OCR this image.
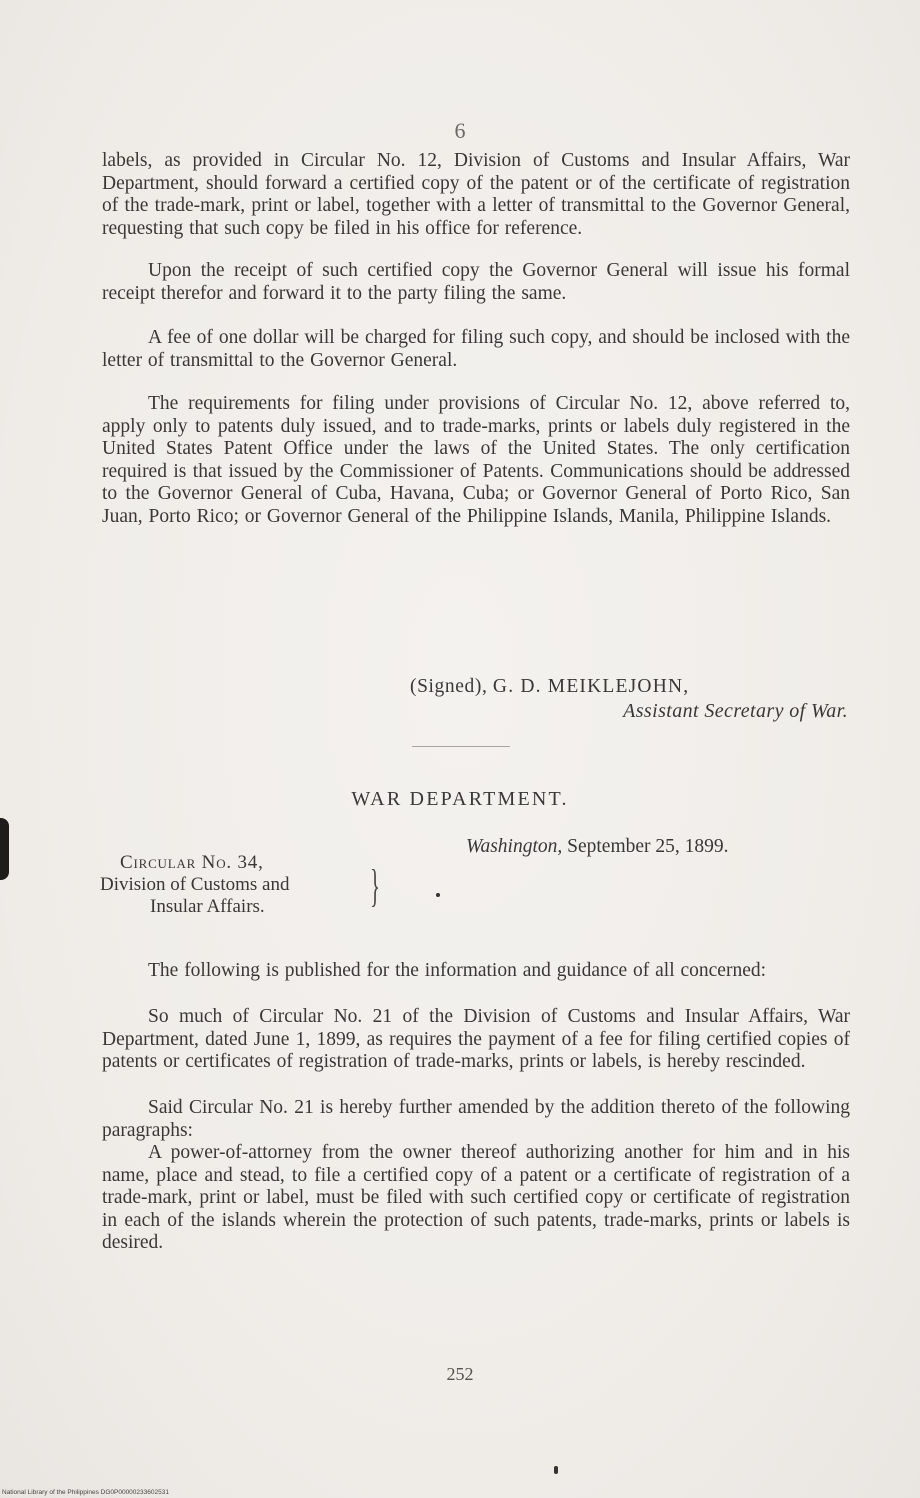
6

labels, as provided in Circular No. 12, Division of Customs and Insular Affairs, War Department, should forward a certified copy of the patent or of the certificate of registration of the trade-mark, print or label, together with a letter of transmittal to the Governor General, requesting that such copy be filed in his office for reference.

Upon the receipt of such certified copy the Governor General will issue his formal receipt therefor and forward it to the party filing the same.

A fee of one dollar will be charged for filing such copy, and should be inclosed with the letter of transmittal to the Governor General.

The requirements for filing under provisions of Circular No. 12, above referred to, apply only to patents duly issued, and to trade-marks, prints or labels duly registered in the United States Patent Office under the laws of the United States. The only certification required is that issued by the Commissioner of Patents. Communications should be addressed to the Governor General of Cuba, Havana, Cuba; or Governor General of Porto Rico, San Juan, Porto Rico; or Governor General of the Philippine Islands, Manila, Philippine Islands.

(Signed), G. D. MEIKLEJOHN,
Assistant Secretary of War.
WAR DEPARTMENT.
Washington, September 25, 1899.
Circular No. 34,
Division of Customs and
Insular Affairs.	}

The following is published for the information and guidance of all concerned:

So much of Circular No. 21 of the Division of Customs and Insular Affairs, War Department, dated June 1, 1899, as requires the payment of a fee for filing certified copies of patents or certificates of registration of trade-marks, prints or labels, is hereby rescinded.

Said Circular No. 21 is hereby further amended by the addition thereto of the following paragraphs:

A power-of-attorney from the owner thereof authorizing another for him and in his name, place and stead, to file a certified copy of a patent or a certificate of registration of a trade-mark, print or label, must be filed with such certified copy or certificate of registration in each of the islands wherein the protection of such patents, trade-marks, prints or labels is desired.

252
National Library of the Philippines DG0P00000233602531
